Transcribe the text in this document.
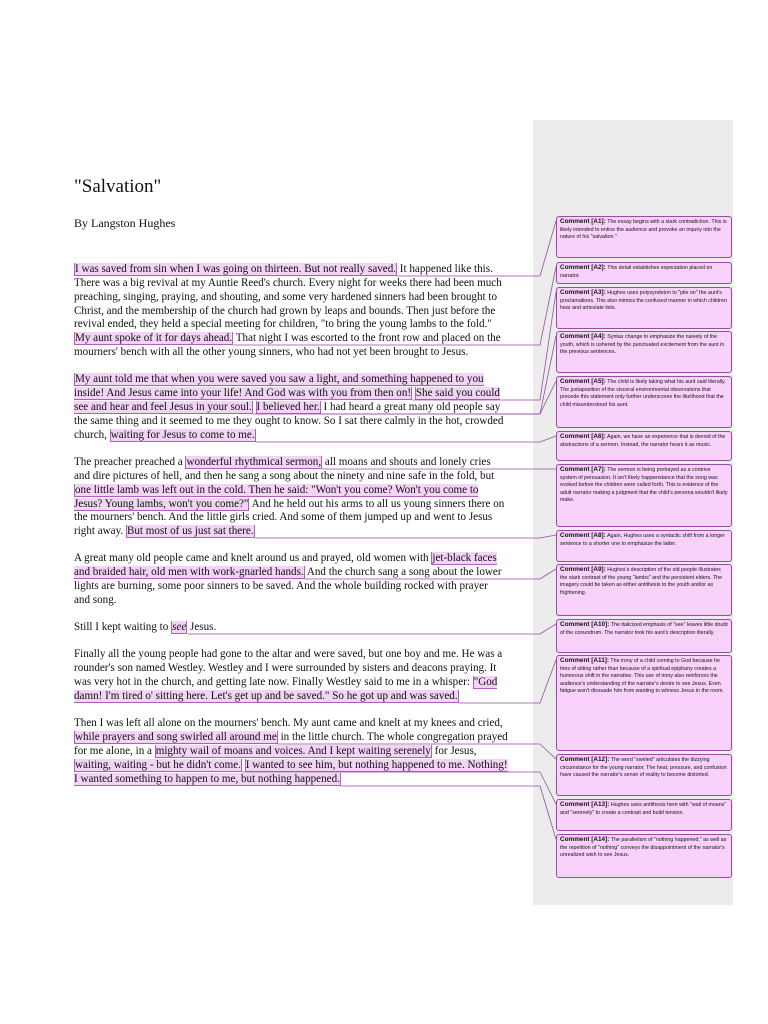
"Salvation"

By Langston Hughes

I was saved from sin when I was going on thirteen. But not really saved. It happened like this.

There was a big revival at my Auntie Reed's church. Every night for weeks there had been much

preaching, singing, praying, and shouting, and some very hardened sinners had been brought to

Christ, and the membership of the church had grown by leaps and bounds. Then just before the

revival ended, they held a special meeting for children, "to bring the young lambs to the fold."

My aunt spoke of it for days ahead. That night I was escorted to the front row and placed on the

mourners' bench with all the other young sinners, who had not yet been brought to Jesus.

My aunt told me that when you were saved you saw a light, and something happened to you

inside! And Jesus came into your life! And God was with you from then on! She said you could

see and hear and feel Jesus in your soul. I believed her. I had heard a great many old people say

the same thing and it seemed to me they ought to know. So I sat there calmly in the hot, crowded

church, waiting for Jesus to come to me.

The preacher preached a wonderful rhythmical sermon, all moans and shouts and lonely cries

and dire pictures of hell, and then he sang a song about the ninety and nine safe in the fold, but

one little lamb was left out in the cold. Then he said: "Won't you come? Won't you come to

Jesus? Young lambs, won't you come?" And he held out his arms to all us young sinners there on

the mourners' bench. And the little girls cried. And some of them jumped up and went to Jesus

right away. But most of us just sat there.

A great many old people came and knelt around us and prayed, old women with jet-black faces

and braided hair, old men with work-gnarled hands. And the church sang a song about the lower

lights are burning, some poor sinners to be saved. And the whole building rocked with prayer

and song.

Still I kept waiting to see Jesus.

Finally all the young people had gone to the altar and were saved, but one boy and me. He was a

rounder's son named Westley. Westley and I were surrounded by sisters and deacons praying. It

was very hot in the church, and getting late now. Finally Westley said to me in a whisper: "God

damn! I'm tired o' sitting here. Let's get up and be saved." So he got up and was saved.

Then I was left all alone on the mourners' bench. My aunt came and knelt at my knees and cried,

while prayers and song swirled all around me in the little church. The whole congregation prayed

for me alone, in a mighty wail of moans and voices. And I kept waiting serenely for Jesus,

waiting, waiting - but he didn't come. I wanted to see him, but nothing happened to me. Nothing!

I wanted something to happen to me, but nothing happened.

Comment [A1]: The essay begins with a stark contradiction. This is likely intended to entice the audience and provoke an inquiry into the nature of his "salvation."
Comment [A2]: This detail establishes expectation placed on narrator.
Comment [A3]: Hughes uses polysyndeton to "pile on" the aunt's proclamations. This also mimics the confused manner in which children hear and articulate lists.
Comment [A4]: Syntax change to emphasize the naivety of the youth, which is ushered by the punctuated excitement from the aunt in the previous sentences.
Comment [A5]: The child is likely taking what his aunt said literally. The juxtaposition of the visceral environmental observations that precede this statement only further underscores the likelihood that the child misunderstood his aunt.
Comment [A6]: Again, we have an experience that is devoid of the abstractions of a sermon. Instead, the narrator hears it as music.
Comment [A7]: The sermon is being portrayed as a contrive system of persuasion. It isn't likely happenstance that the song was evoked before the children were called forth. This is evidence of the adult narrator making a judgment that the child's persona wouldn't likely make.
Comment [A8]: Again, Hughes uses a syntactic shift from a longer sentence to a shorter one to emphasize the latter.
Comment [A9]: Hughes's description of the old people illustrates the stark contrast of the young "lambs" and the persistent elders. The imagery could be taken as either antithesis to the youth and/or as frightening.
Comment [A10]: The italicized emphasis of "see" leaves little doubt of the conundrum. The narrator took his aunt's description literally.
Comment [A11]: The irony of a child coming to God because he tires of sitting rather than because of a spiritual epiphany creates a humorous shift in the narrative. This use of irony also reinforces the audience's understanding of the narrator's desire to see Jesus. Even fatigue won't dissuade him from wanting to witness Jesus in the room.
Comment [A12]: The word "swirled" articulates the dizzying circumstance for the young narrator. The heat, pressure, and confusion have caused the narrator's sense of reality to become distorted.
Comment [A13]: Hughes uses antithesis here with "wail of moans" and "serenely" to create a contrast and build tension.
Comment [A14]: The parallelism of "nothing happened," as well as the repetition of "nothing" conveys the disappointment of the narrator's unrealized wish to see Jesus.
